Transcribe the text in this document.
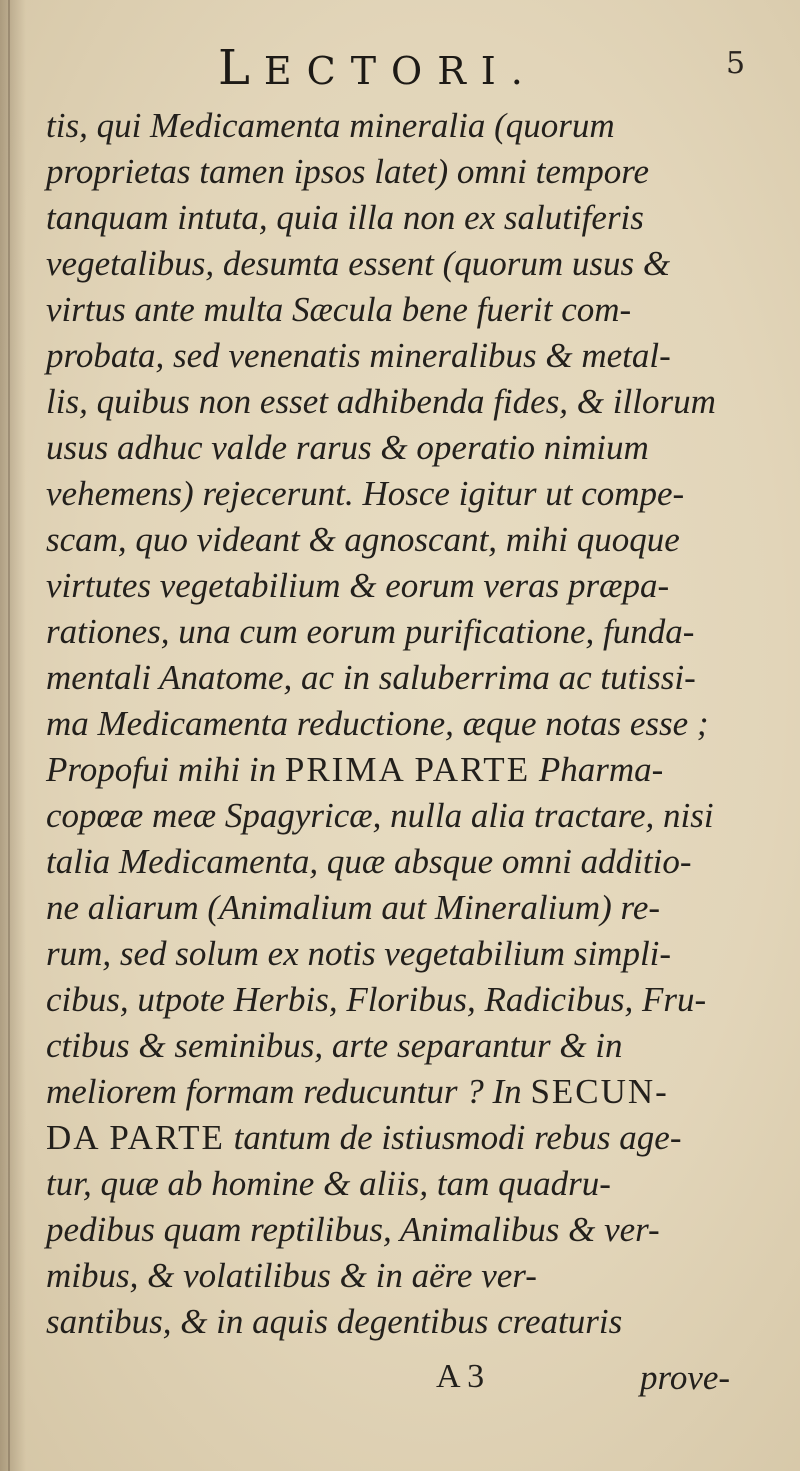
LECTORI.	5
tis, qui Medicamenta mineralia (quorum
proprietas tamen ipsos latet) omni tempore
tanquam intuta, quia illa non ex salutiferis
vegetalibus, desumta essent (quorum usus &
virtus ante multa Sæcula bene fuerit com-
probata, sed venenatis mineralibus & metal-
lis, quibus non esset adhibenda fides, & illorum
usus adhuc valde rarus & operatio nimium
vehemens) rejecerunt. Hosce igitur ut compe-
scam, quo videant & agnoscant, mihi quoque
virtutes vegetabilium & eorum veras præpa-
rationes, una cum eorum purificatione, funda-
mentali Anatome, ac in saluberrima ac tutissi-
ma Medicamenta reductione, æque notas esse ;
Propofui mihi in PRIMA PARTE Pharma-
copœæ meæ Spagyricæ, nulla alia tractare, nisi
talia Medicamenta, quæ absque omni additio-
ne aliarum (Animalium aut Mineralium) re-
rum, sed solum ex notis vegetabilium simpli-
cibus, utpote Herbis, Floribus, Radicibus, Fru-
ctibus & seminibus, arte separantur & in
meliorem formam reducuntur ? In SECUN-
DA PARTE tantum de istiusmodi rebus age-
tur, quæ ab homine & aliis, tam quadru-
pedibus quam reptilibus, Animalibus & ver-
mibus, & volatilibus & in aëre ver-
santibus, & in aquis degentibus creaturis
A 3	prove-
